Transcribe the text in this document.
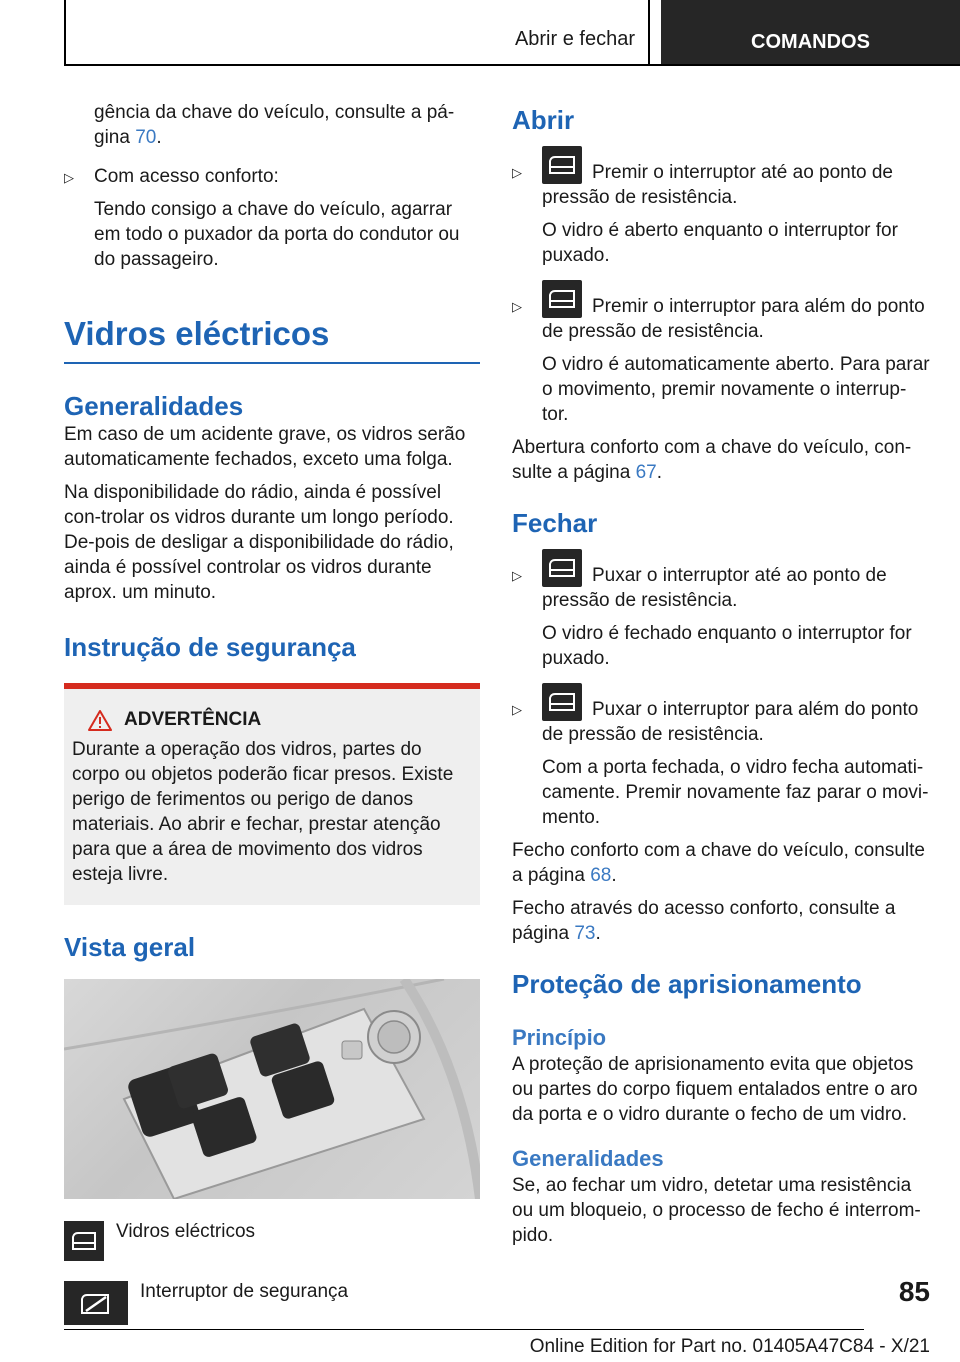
Abrir e fechar	COMANDOS

gência da chave do veículo, consulte a pá-

gina 70.

▷ Com acesso conforto:

Tendo consigo a chave do veículo, agarrar em todo o puxador da porta do condutor ou do passageiro.

Vidros eléctricos
Generalidades

Em caso de um acidente grave, os vidros serão automaticamente fechados, exceto uma folga.

Na disponibilidade do rádio, ainda é possível con-trolar os vidros durante um longo período. De-pois de desligar a disponibilidade do rádio, ainda é possível controlar os vidros durante aprox. um minuto.

Instrução de segurança
ADVERTÊNCIA

Durante a operação dos vidros, partes do corpo ou objetos poderão ficar presos. Existe perigo de ferimentos ou perigo de danos materiais. Ao abrir e fechar, prestar atenção para que a área de movimento dos vidros esteja livre.

Vista geral
Vidros eléctricos
Interruptor de segurança
Abrir

▷	Premir o interruptor até ao ponto de pressão de resistência.

O vidro é aberto enquanto o interruptor for puxado.

▷	Premir o interruptor para além do ponto de pressão de resistência.

O vidro é automaticamente aberto. Para parar o movimento, premir novamente o interrup-tor.

Abertura conforto com a chave do veículo, con-sulte a página 67.

Fechar

▷	Puxar o interruptor até ao ponto de pressão de resistência.

O vidro é fechado enquanto o interruptor for puxado.

▷	Puxar o interruptor para além do ponto de pressão de resistência.

Com a porta fechada, o vidro fecha automati-camente. Premir novamente faz parar o movi-mento.

Fecho conforto com a chave do veículo, consulte a página 68.

Fecho através do acesso conforto, consulte a página 73.

Proteção de aprisionamento
Princípio

A proteção de aprisionamento evita que objetos ou partes do corpo fiquem entalados entre o aro da porta e o vidro durante o fecho de um vidro.

Generalidades

Se, ao fechar um vidro, detetar uma resistência ou um bloqueio, o processo de fecho é interrom-pido.

85
Online Edition for Part no. 01405A47C84 - X/21
